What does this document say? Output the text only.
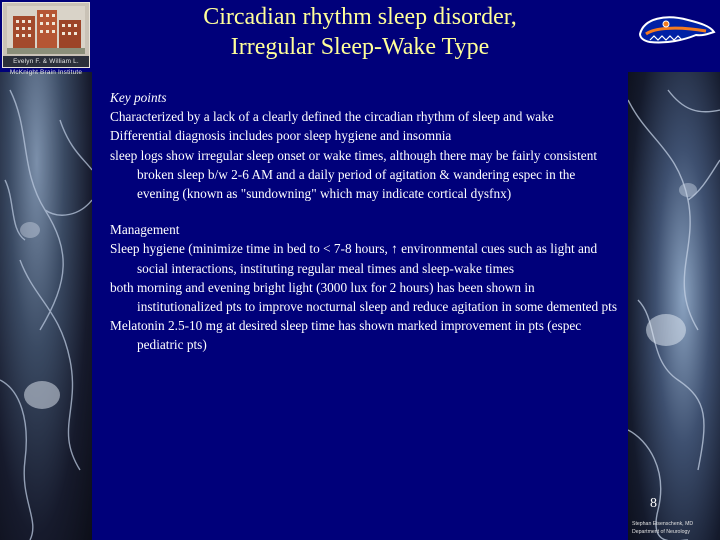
Evelyn F. & William L. McKnight Brain Institute
Circadian rhythm sleep disorder,
Irregular Sleep-Wake Type

Key points

Characterized by a lack of a clearly defined the circadian rhythm of sleep and wake

Differential diagnosis includes poor sleep hygiene and insomnia

sleep logs show irregular sleep onset or wake times, although there may be fairly consistent broken sleep b/w 2-6 AM and a daily period of agitation & wandering espec in the evening (known as "sundowning" which may indicate cortical dysfnx)

Management

Sleep hygiene (minimize time in bed to < 7-8 hours, ↑ environmental cues such as light and social interactions, instituting regular meal times and sleep-wake times

both morning and evening bright light (3000 lux for 2 hours) has been shown in institutionalized pts to improve nocturnal sleep and reduce agitation in some demented pts

Melatonin 2.5-10 mg at desired sleep time has shown marked improvement in pts (espec pediatric pts)

8
Stephan Eisenschenk, MD
Department of Neurology
